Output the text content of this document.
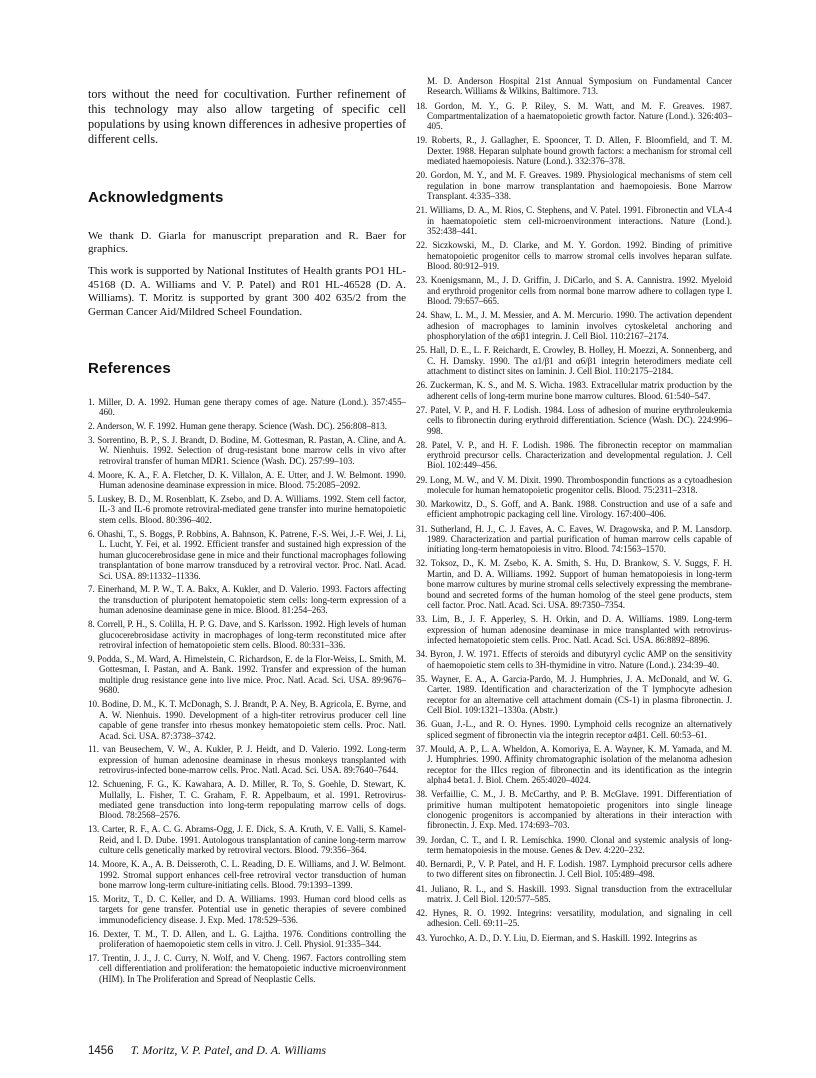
tors without the need for cocultivation. Further refinement of this technology may also allow targeting of specific cell populations by using known differences in adhesive properties of different cells.

Acknowledgments

We thank D. Giarla for manuscript preparation and R. Baer for graphics.

This work is supported by National Institutes of Health grants PO1 HL-45168 (D. A. Williams and V. P. Patel) and R01 HL-46528 (D. A. Williams). T. Moritz is supported by grant 300 402 635/2 from the German Cancer Aid/Mildred Scheel Foundation.

References

1. Miller, D. A. 1992. Human gene therapy comes of age. Nature (Lond.). 357:455–460.

2. Anderson, W. F. 1992. Human gene therapy. Science (Wash. DC). 256:808–813.

3. Sorrentino, B. P., S. J. Brandt, D. Bodine, M. Gottesman, R. Pastan, A. Cline, and A. W. Nienhuis. 1992. Selection of drug-resistant bone marrow cells in vivo after retroviral transfer of human MDR1. Science (Wash. DC). 257:99–103.

4. Moore, K. A., F. A. Fletcher, D. K. Villalon, A. E. Utter, and J. W. Belmont. 1990. Human adenosine deaminase expression in mice. Blood. 75:2085–2092.

5. Luskey, B. D., M. Rosenblatt, K. Zsebo, and D. A. Williams. 1992. Stem cell factor, IL-3 and IL-6 promote retroviral-mediated gene transfer into murine hematopoietic stem cells. Blood. 80:396–402.

6. Ohashi, T., S. Boggs, P. Robbins, A. Bahnson, K. Patrene, F.-S. Wei, J.-F. Wei, J. Li, L. Lucht, Y. Fei, et al. 1992. Efficient transfer and sustained high expression of the human glucocerebrosidase gene in mice and their functional macrophages following transplantation of bone marrow transduced by a retroviral vector. Proc. Natl. Acad. Sci. USA. 89:11332–11336.

7. Einerhand, M. P. W., T. A. Bakx, A. Kukler, and D. Valerio. 1993. Factors affecting the transduction of pluripotent hematopoietic stem cells: long-term expression of a human adenosine deaminase gene in mice. Blood. 81:254–263.

8. Correll, P. H., S. Colilla, H. P. G. Dave, and S. Karlsson. 1992. High levels of human glucocerebrosidase activity in macrophages of long-term reconstituted mice after retroviral infection of hematopoietic stem cells. Blood. 80:331–336.

9. Podda, S., M. Ward, A. Himelstein, C. Richardson, E. de la Flor-Weiss, L. Smith, M. Gottesman, I. Pastan, and A. Bank. 1992. Transfer and expression of the human multiple drug resistance gene into live mice. Proc. Natl. Acad. Sci. USA. 89:9676–9680.

10. Bodine, D. M., K. T. McDonagh, S. J. Brandt, P. A. Ney, B. Agricola, E. Byrne, and A. W. Nienhuis. 1990. Development of a high-titer retrovirus producer cell line capable of gene transfer into rhesus monkey hematopoietic stem cells. Proc. Natl. Acad. Sci. USA. 87:3738–3742.

11. van Beusechem, V. W., A. Kukler, P. J. Heidt, and D. Valerio. 1992. Long-term expression of human adenosine deaminase in rhesus monkeys transplanted with retrovirus-infected bone-marrow cells. Proc. Natl. Acad. Sci. USA. 89:7640–7644.

12. Schuening, F. G., K. Kawahara, A. D. Miller, R. To, S. Goehle, D. Stewart, K. Mullally, L. Fisher, T. C. Graham, F. R. Appelbaum, et al. 1991. Retrovirus-mediated gene transduction into long-term repopulating marrow cells of dogs. Blood. 78:2568–2576.

13. Carter, R. F., A. C. G. Abrams-Ogg, J. E. Dick, S. A. Kruth, V. E. Valli, S. Kamel-Reid, and I. D. Dube. 1991. Autologous transplantation of canine long-term marrow culture cells genetically marked by retroviral vectors. Blood. 79:356–364.

14. Moore, K. A., A. B. Deisseroth, C. L. Reading, D. E. Williams, and J. W. Belmont. 1992. Stromal support enhances cell-free retroviral vector transduction of human bone marrow long-term culture-initiating cells. Blood. 79:1393–1399.

15. Moritz, T., D. C. Keller, and D. A. Williams. 1993. Human cord blood cells as targets for gene transfer. Potential use in genetic therapies of severe combined immunodeficiency disease. J. Exp. Med. 178:529–536.

16. Dexter, T. M., T. D. Allen, and L. G. Lajtha. 1976. Conditions controlling the proliferation of haemopoietic stem cells in vitro. J. Cell. Physiol. 91:335–344.

17. Trentin, J. J., J. C. Curry, N. Wolf, and V. Cheng. 1967. Factors controlling stem cell differentiation and proliferation: the hematopoietic inductive microenvironment (HIM). In The Proliferation and Spread of Neoplastic Cells.

M. D. Anderson Hospital 21st Annual Symposium on Fundamental Cancer Research. Williams & Wilkins, Baltimore. 713.

18. Gordon, M. Y., G. P. Riley, S. M. Watt, and M. F. Greaves. 1987. Compartmentalization of a haematopoietic growth factor. Nature (Lond.). 326:403–405.

19. Roberts, R., J. Gallagher, E. Spooncer, T. D. Allen, F. Bloomfield, and T. M. Dexter. 1988. Heparan sulphate bound growth factors: a mechanism for stromal cell mediated haemopoiesis. Nature (Lond.). 332:376–378.

20. Gordon, M. Y., and M. F. Greaves. 1989. Physiological mechanisms of stem cell regulation in bone marrow transplantation and haemopoiesis. Bone Marrow Transplant. 4:335–338.

21. Williams, D. A., M. Rios, C. Stephens, and V. Patel. 1991. Fibronectin and VLA-4 in haematopoietic stem cell-microenvironment interactions. Nature (Lond.). 352:438–441.

22. Siczkowski, M., D. Clarke, and M. Y. Gordon. 1992. Binding of primitive hematopoietic progenitor cells to marrow stromal cells involves heparan sulfate. Blood. 80:912–919.

23. Koenigsmann, M., J. D. Griffin, J. DiCarlo, and S. A. Cannistra. 1992. Myeloid and erythroid progenitor cells from normal bone marrow adhere to collagen type I. Blood. 79:657–665.

24. Shaw, L. M., J. M. Messier, and A. M. Mercurio. 1990. The activation dependent adhesion of macrophages to laminin involves cytoskeletal anchoring and phosphorylation of the α6β1 integrin. J. Cell Biol. 110:2167–2174.

25. Hall, D. E., L. F. Reichardt, E. Crowley, B. Holley, H. Moezzi, A. Sonnenberg, and C. H. Damsky. 1990. The α1/β1 and α6/β1 integrin heterodimers mediate cell attachment to distinct sites on laminin. J. Cell Biol. 110:2175–2184.

26. Zuckerman, K. S., and M. S. Wicha. 1983. Extracellular matrix production by the adherent cells of long-term murine bone marrow cultures. Blood. 61:540–547.

27. Patel, V. P., and H. F. Lodish. 1984. Loss of adhesion of murine erythroleukemia cells to fibronectin during erythroid differentiation. Science (Wash. DC). 224:996–998.

28. Patel, V. P., and H. F. Lodish. 1986. The fibronectin receptor on mammalian erythroid precursor cells. Characterization and developmental regulation. J. Cell Biol. 102:449–456.

29. Long, M. W., and V. M. Dixit. 1990. Thrombospondin functions as a cytoadhesion molecule for human hematopoietic progenitor cells. Blood. 75:2311–2318.

30. Markowitz, D., S. Goff, and A. Bank. 1988. Construction and use of a safe and efficient amphotropic packaging cell line. Virology. 167:400–406.

31. Sutherland, H. J., C. J. Eaves, A. C. Eaves, W. Dragowska, and P. M. Lansdorp. 1989. Characterization and partial purification of human marrow cells capable of initiating long-term hematopoiesis in vitro. Blood. 74:1563–1570.

32. Toksoz, D., K. M. Zsebo, K. A. Smith, S. Hu, D. Brankow, S. V. Suggs, F. H. Martin, and D. A. Williams. 1992. Support of human hematopoiesis in long-term bone marrow cultures by murine stromal cells selectively expressing the membrane-bound and secreted forms of the human homolog of the steel gene products, stem cell factor. Proc. Natl. Acad. Sci. USA. 89:7350–7354.

33. Lim, B., J. F. Apperley, S. H. Orkin, and D. A. Williams. 1989. Long-term expression of human adenosine deaminase in mice transplanted with retrovirus-infected hematopoietic stem cells. Proc. Natl. Acad. Sci. USA. 86:8892–8896.

34. Byron, J. W. 1971. Effects of steroids and dibutyryl cyclic AMP on the sensitivity of haemopoietic stem cells to 3H-thymidine in vitro. Nature (Lond.). 234:39–40.

35. Wayner, E. A., A. Garcia-Pardo, M. J. Humphries, J. A. McDonald, and W. G. Carter. 1989. Identification and characterization of the T lymphocyte adhesion receptor for an alternative cell attachment domain (CS-1) in plasma fibronectin. J. Cell Biol. 109:1321–1330a. (Abstr.)

36. Guan, J.-L., and R. O. Hynes. 1990. Lymphoid cells recognize an alternatively spliced segment of fibronectin via the integrin receptor α4β1. Cell. 60:53–61.

37. Mould, A. P., L. A. Wheldon, A. Komoriya, E. A. Wayner, K. M. Yamada, and M. J. Humphries. 1990. Affinity chromatographic isolation of the melanoma adhesion receptor for the IIIcs region of fibronectin and its identification as the integrin alpha4 beta1. J. Biol. Chem. 265:4020–4024.

38. Verfaillie, C. M., J. B. McCarthy, and P. B. McGlave. 1991. Differentiation of primitive human multipotent hematopoietic progenitors into single lineage clonogenic progenitors is accompanied by alterations in their interaction with fibronectin. J. Exp. Med. 174:693–703.

39. Jordan, C. T., and I. R. Lemischka. 1990. Clonal and systemic analysis of long-term hematopoiesis in the mouse. Genes & Dev. 4:220–232.

40. Bernardi, P., V. P. Patel, and H. F. Lodish. 1987. Lymphoid precursor cells adhere to two different sites on fibronectin. J. Cell Biol. 105:489–498.

41. Juliano, R. L., and S. Haskill. 1993. Signal transduction from the extracellular matrix. J. Cell Biol. 120:577–585.

42. Hynes, R. O. 1992. Integrins: versatility, modulation, and signaling in cell adhesion. Cell. 69:11–25.

43. Yurochko, A. D., D. Y. Liu, D. Eierman, and S. Haskill. 1992. Integrins as

1456 T. Moritz, V. P. Patel, and D. A. Williams
